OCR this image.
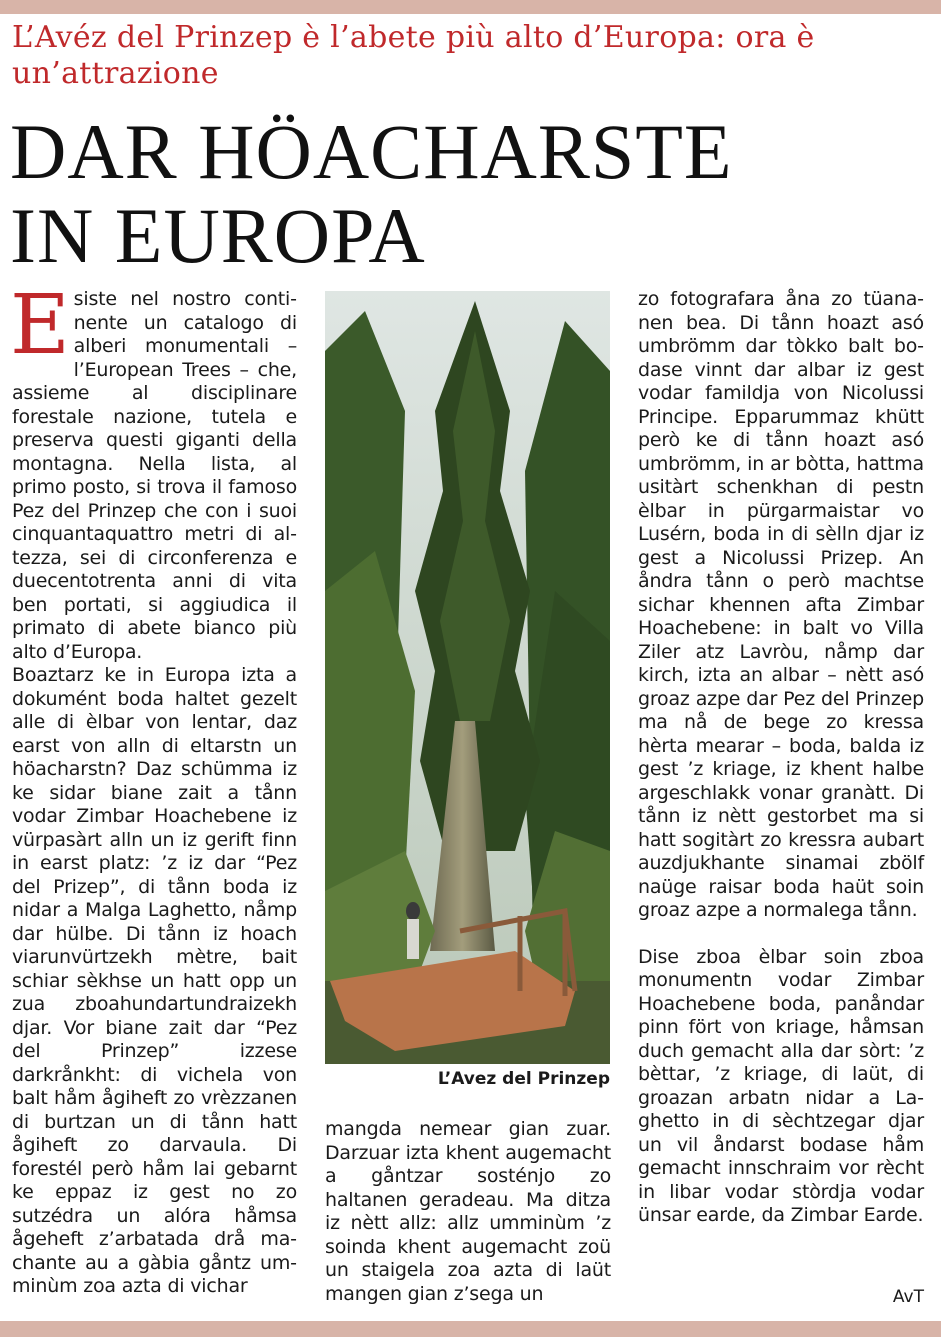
L’Avéz del Prinzep è l’abete più alto d’Europa: ora è un’attrazione
DAR HÖACHARSTE
IN EUROPA

Esiste nel nostro continente un catalogo di alberi monumentali – l’European Trees – che, assieme al disciplinare forestale nazione, tutela e preserva questi giganti della montagna. Nella lista, al primo posto, si trova il famoso Pez del Prinzep che con i suoi cinquantaquattro metri di altezza, sei di circonferenza e duecentotrenta anni di vita ben portati, si aggiudica il primato di abete bianco più alto d’Europa.

Boaztarz ke in Europa izta a dokumént boda haltet gezelt alle di èlbar von lentar, daz earst von alln di eltarstn un höacharstn? Daz schümma iz ke sidar biane zait a tånn vodar Zimbar Hoachebene iz vürpasàrt alln un iz gerift finn in earst platz: ’z iz dar “Pez del Prizep”, di tånn boda iz nidar a Malga Laghetto, nåmp dar hülbe. Di tånn iz hoach viarunvürtzekh mètre, bait schiar sèkhse un hatt opp un zua zboahundartundraizekh djar. Vor biane zait dar “Pez del Prinzep” izzese darkrånkht: di vichela von balt håm ågiheft zo vrèzzanen di burtzan un di tånn hatt ågiheft zo darvaula. Di forestél però håm lai gebarnt ke eppaz iz gest no zo sutzédra un alóra håmsa ågeheft z’arbatada drå machante au a gàbia gåntz umminùm zoa azta di vichar

L’Avez del Prinzep

mangda nemear gian zuar. Darzuar izta khent augemacht a gåntzar sosténjo zo haltanen geradeau. Ma ditza iz nètt allz: allz umminùm ’z soinda khent augemacht zoü un staigela zoa azta di laüt mangen gian z’sega un

zo fotografara åna zo tüananen bea. Di tånn hoazt asó umbrömm dar tòkko balt bodase vinnt dar albar iz gest vodar famildja von Nicolussi Principe. Epparummaz khütt però ke di tånn hoazt asó umbrömm, in ar bòtta, hattma usitàrt schenkhan di pestn èlbar in pürgarmaistar vo Lusérn, boda in di sèlln djar iz gest a Nicolussi Prizep. An åndra tånn o però machtse sichar khennen afta Zimbar Hoachebene: in balt vo Villa Ziler atz Lavròu, nåmp dar kirch, izta an albar – nètt asó groaz azpe dar Pez del Prinzep ma nå de bege zo kressa hèrta mearar – boda, balda iz gest ’z kriage, iz khent halbe argeschlakk vonar granàtt. Di tånn iz nètt gestorbet ma si hatt sogitàrt zo kressra aubart auzdjukhante sinamai zbölf naüge raisar boda haüt soin groaz azpe a normalega tånn.

Dise zboa èlbar soin zboa monumentn vodar Zimbar Hoachebene boda, panåndar pinn fört von kriage, håmsan duch gemacht alla dar sòrt: ’z bèttar, ’z kriage, di laüt, di groazan arbatn nidar a Laghetto in di sèchtzegar djar un vil åndarst bodase håm gemacht innschraim vor rècht in libar vodar stòrdja vodar ünsar earde, da Zimbar Earde.

AvT
